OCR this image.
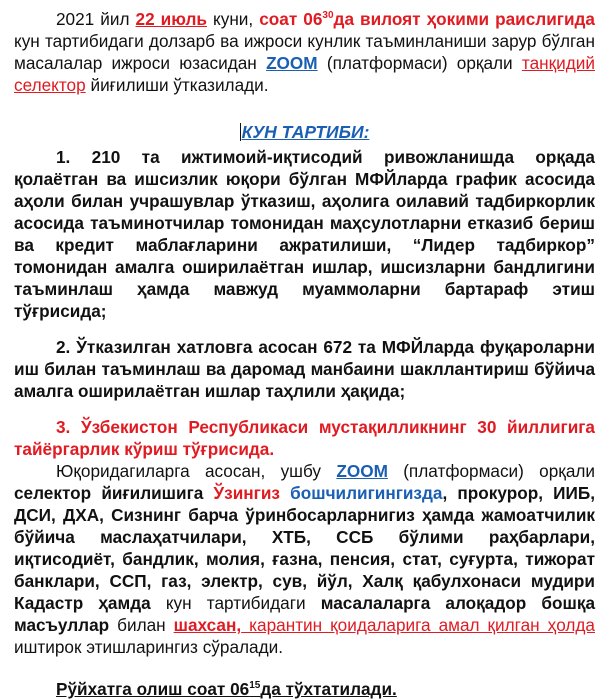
2021 йил 22 июль куни, соат $06^{30}да$ вилоят ҳокими раислигида кун тартибидаги долзарб ва ижроси кунлик таъминланиши зарур бўлган масалалар ижроси юзасидан ZOOM (платформаси) орқали танқидий селектор йиғилиши ўтказилади.

КУН ТАРТИБИ:

1. 210 та ижтимоий-иқтисодий ривожланишда орқада қолаётган ва ишсизлик юқори бўлган МФЙларда график асосида аҳоли билан учрашувлар ўтказиш, аҳолига оилавий тадбиркорлик асосида таъминотчилар томонидан маҳсулотларни етказиб бериш ва кредит маблағларини ажратилиши, “Лидер тадбиркор” томонидан амалга оширилаётган ишлар, ишсизларни бандлигини таъминлаш ҳамда мавжуд муаммоларни бартараф этиш тўғрисида;

2. Ўтказилган хатловга асосан 672 та МФЙларда фуқароларни иш билан таъминлаш ва даромад манбаини шакллантириш бўйича амалга оширилаётган ишлар таҳлили ҳақида;

3. Ўзбекистон Республикаси мустақилликнинг 30 йиллигига тайёргарлик кўриш тўғрисида.

Юқоридагиларга асосан, ушбу ZOOM (платформаси) орқали селектор йиғилишига Ўзингиз бошчилигингизда, прокурор, ИИБ, ДСИ, ДХА, Сизнинг барча ўринбосарларнигиз ҳамда жамоатчилик бўйича маслаҳатчилари, ХТБ, ССБ бўлими раҳбарлари, иқтисодиёт, бандлик, молия, ғазна, пенсия, стат, суғурта, тижорат банклари, ССП, газ, электр, сув, йўл, Халқ қабулхонаси мудири Кадастр ҳамда кун тартибидаги масалаларга алоқадор бошқа масъуллар билан шахсан, карантин қоидаларига амал қилган ҳолда иштирок этишларингиз сўралади.

Рўйхатга олиш соат $06^{15}да$ тўхтатилади.
